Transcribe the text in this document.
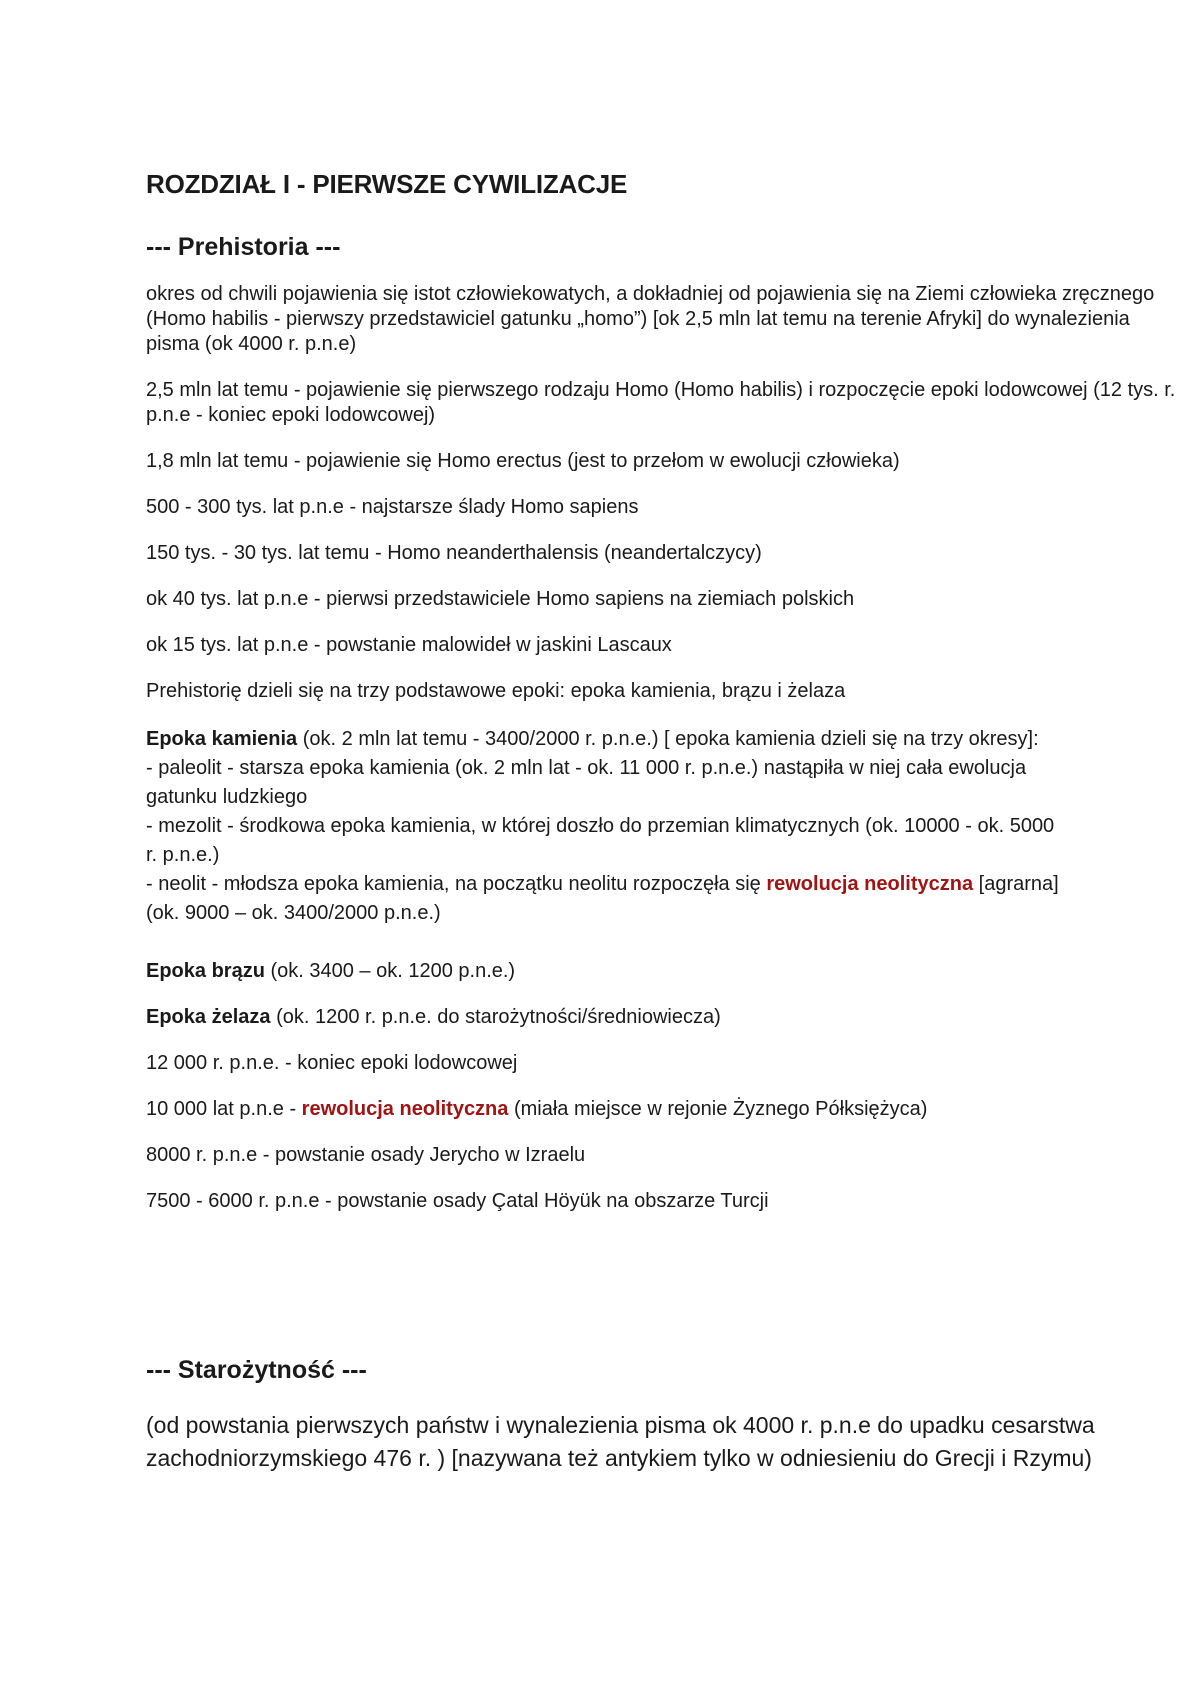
ROZDZIAŁ I - PIERWSZE CYWILIZACJE
--- Prehistoria ---

okres od chwili pojawienia się istot człowiekowatych, a dokładniej od pojawienia się na Ziemi człowieka zręcznego (Homo habilis - pierwszy przedstawiciel gatunku „homo”) [ok 2,5 mln lat temu na terenie Afryki] do wynalezienia pisma (ok 4000 r. p.n.e)

2,5 mln lat temu - pojawienie się pierwszego rodzaju Homo (Homo habilis) i rozpoczęcie epoki lodowcowej (12 tys. r. p.n.e - koniec epoki lodowcowej)

1,8 mln lat temu - pojawienie się Homo erectus (jest to przełom w ewolucji człowieka)

500 - 300 tys. lat p.n.e - najstarsze ślady Homo sapiens

150 tys. - 30 tys. lat temu - Homo neanderthalensis (neandertalczycy)

ok 40 tys. lat p.n.e - pierwsi przedstawiciele Homo sapiens na ziemiach polskich

ok 15 tys. lat p.n.e - powstanie malowideł w jaskini Lascaux

Prehistorię dzieli się na trzy podstawowe epoki: epoka kamienia, brązu i żelaza

Epoka kamienia (ok. 2 mln lat temu - 3400/2000 r. p.n.e.) [ epoka kamienia dzieli się na trzy okresy]:

- paleolit - starsza epoka kamienia (ok. 2 mln lat - ok. 11 000 r. p.n.e.) nastąpiła w niej cała ewolucja

gatunku ludzkiego

- mezolit - środkowa epoka kamienia, w której doszło do przemian klimatycznych (ok. 10000 - ok. 5000

r. p.n.e.)

- neolit - młodsza epoka kamienia, na początku neolitu rozpoczęła się rewolucja neolityczna [agrarna]

(ok. 9000 – ok. 3400/2000 p.n.e.)

Epoka brązu (ok. 3400 – ok. 1200 p.n.e.)

Epoka żelaza (ok. 1200 r. p.n.e. do starożytności/średniowiecza)

12 000 r. p.n.e. - koniec epoki lodowcowej

10 000 lat p.n.e - rewolucja neolityczna (miała miejsce w rejonie Żyznego Półksiężyca)

8000 r. p.n.e - powstanie osady Jerycho w Izraelu

7500 - 6000 r. p.n.e - powstanie osady Çatal Höyük na obszarze Turcji

--- Starożytność ---

(od powstania pierwszych państw i wynalezienia pisma ok 4000 r. p.n.e do upadku cesarstwa

zachodniorzymskiego 476 r. ) [nazywana też antykiem tylko w odniesieniu do Grecji i Rzymu)
